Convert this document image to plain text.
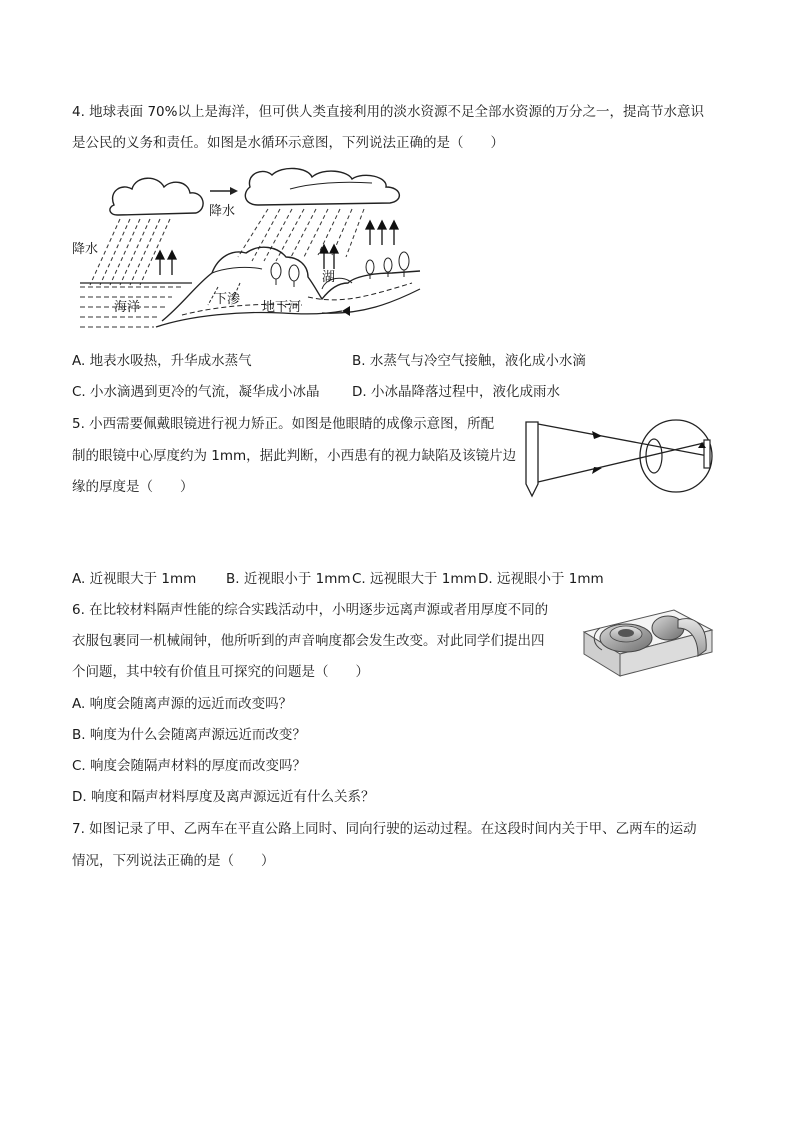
4. 地球表面 70%以上是海洋，但可供人类直接利用的淡水资源不足全部水资源的万分之一，提高节水意识
是公民的义务和责任。如图是水循环示意图，下列说法正确的是（　　）
降水
降水
海洋
下渗
湖
地下河
A. 地表水吸热，升华成水蒸气	B. 水蒸气与冷空气接触，液化成小水滴
C. 小水滴遇到更冷的气流，凝华成小冰晶 D. 小冰晶降落过程中，液化成雨水
5. 小西需要佩戴眼镜进行视力矫正。如图是他眼睛的成像示意图，所配
制的眼镜中心厚度约为 1mm，据此判断，小西患有的视力缺陷及该镜片边
缘的厚度是（　　）
A. 近视眼大于 1mm B. 近视眼小于 1mm C. 远视眼大于 1mm D. 远视眼小于 1mm
6. 在比较材料隔声性能的综合实践活动中，小明逐步远离声源或者用厚度不同的
衣服包裹同一机械闹钟，他所听到的声音响度都会发生改变。对此同学们提出四
个问题，其中较有价值且可探究的问题是（　　）
A. 响度会随离声源的远近而改变吗？
B. 响度为什么会随离声源远近而改变？
C. 响度会随隔声材料的厚度而改变吗？
D. 响度和隔声材料厚度及离声源远近有什么关系？
7. 如图记录了甲、乙两车在平直公路上同时、同向行驶的运动过程。在这段时间内关于甲、乙两车的运动
情况，下列说法正确的是（　　）
